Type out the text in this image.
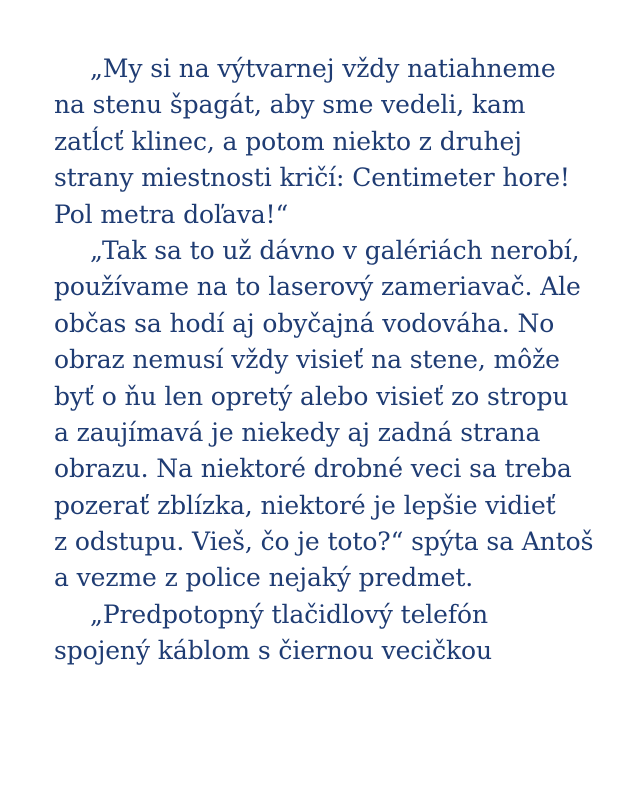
„My si na výtvarnej vždy natiahneme
na stenu špagát, aby sme vedeli, kam
zatĺcť klinec, a potom niekto z druhej
strany miestnosti kričí: Centimeter hore!
Pol metra doľava!“
„Tak sa to už dávno v galériách nerobí,
používame na to laserový zameriavač. Ale
občas sa hodí aj obyčajná vodováha. No
obraz nemusí vždy visieť na stene, môže
byť o ňu len opretý alebo visieť zo stropu
a zaujímavá je niekedy aj zadná strana
obrazu. Na niektoré drobné veci sa treba
pozerať zblízka, niektoré je lepšie vidieť
z odstupu. Vieš, čo je toto?“ spýta sa Antoš
a vezme z police nejaký predmet.
„Predpotopný tlačidlový telefón
spojený káblom s čiernou vecičkou
